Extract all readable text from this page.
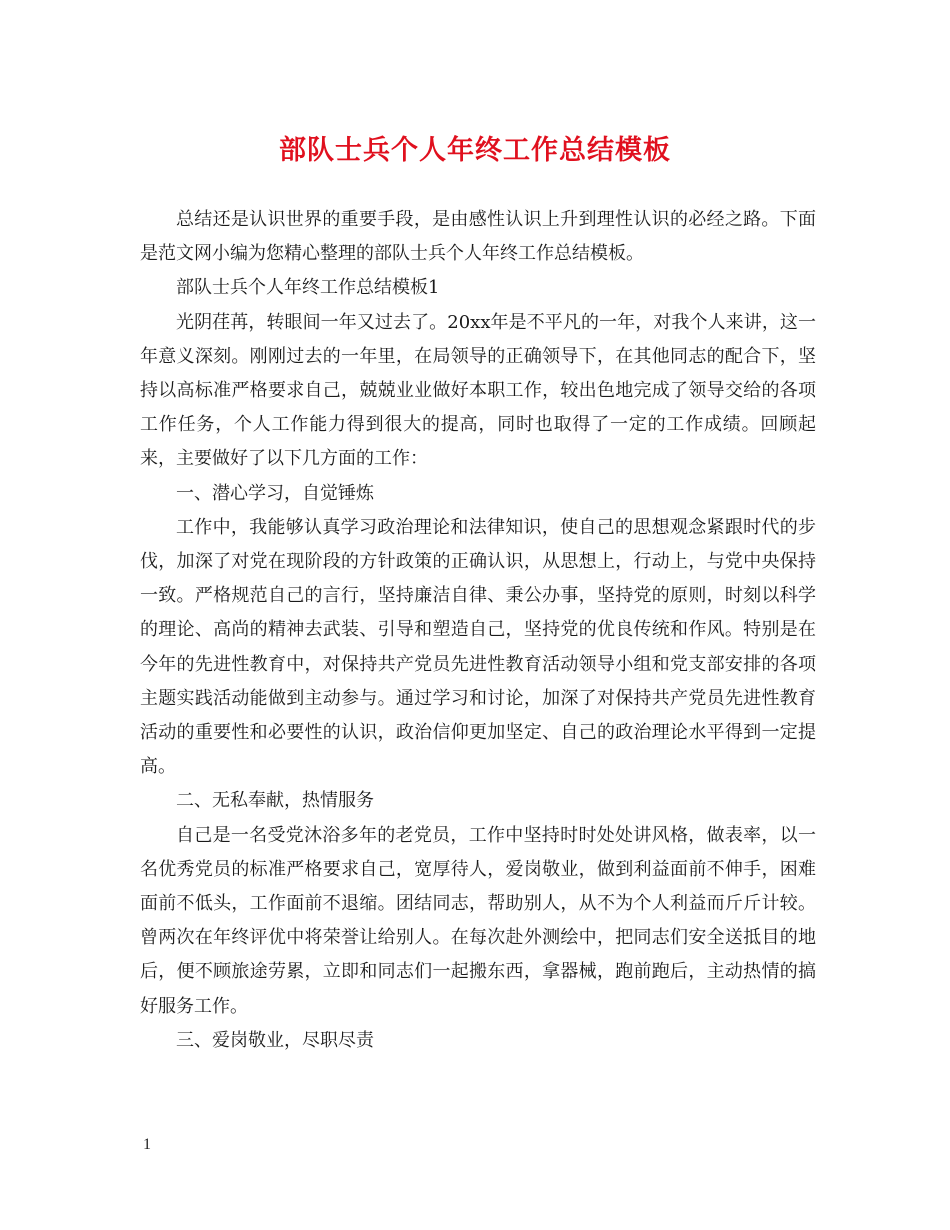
部队士兵个人年终工作总结模板

总结还是认识世界的重要手段，是由感性认识上升到理性认识的必经之路。下面是范文网小编为您精心整理的部队士兵个人年终工作总结模板。

部队士兵个人年终工作总结模板1

光阴荏苒，转眼间一年又过去了。20xx年是不平凡的一年，对我个人来讲，这一年意义深刻。刚刚过去的一年里，在局领导的正确领导下，在其他同志的配合下，坚持以高标准严格要求自己，兢兢业业做好本职工作，较出色地完成了领导交给的各项工作任务，个人工作能力得到很大的提高，同时也取得了一定的工作成绩。回顾起来，主要做好了以下几方面的工作：

一、潜心学习，自觉锤炼

工作中，我能够认真学习政治理论和法律知识，使自己的思想观念紧跟时代的步伐，加深了对党在现阶段的方针政策的正确认识，从思想上，行动上，与党中央保持一致。严格规范自己的言行，坚持廉洁自律、秉公办事，坚持党的原则，时刻以科学的理论、高尚的精神去武装、引导和塑造自己，坚持党的优良传统和作风。特别是在今年的先进性教育中，对保持共产党员先进性教育活动领导小组和党支部安排的各项主题实践活动能做到主动参与。通过学习和讨论，加深了对保持共产党员先进性教育活动的重要性和必要性的认识，政治信仰更加坚定、自己的政治理论水平得到一定提高。

二、无私奉献，热情服务

自己是一名受党沐浴多年的老党员，工作中坚持时时处处讲风格，做表率，以一名优秀党员的标准严格要求自己，宽厚待人，爱岗敬业，做到利益面前不伸手，困难面前不低头，工作面前不退缩。团结同志，帮助别人，从不为个人利益而斤斤计较。曾两次在年终评优中将荣誉让给别人。在每次赴外测绘中，把同志们安全送抵目的地后，便不顾旅途劳累，立即和同志们一起搬东西，拿器械，跑前跑后，主动热情的搞好服务工作。

三、爱岗敬业，尽职尽责

1
